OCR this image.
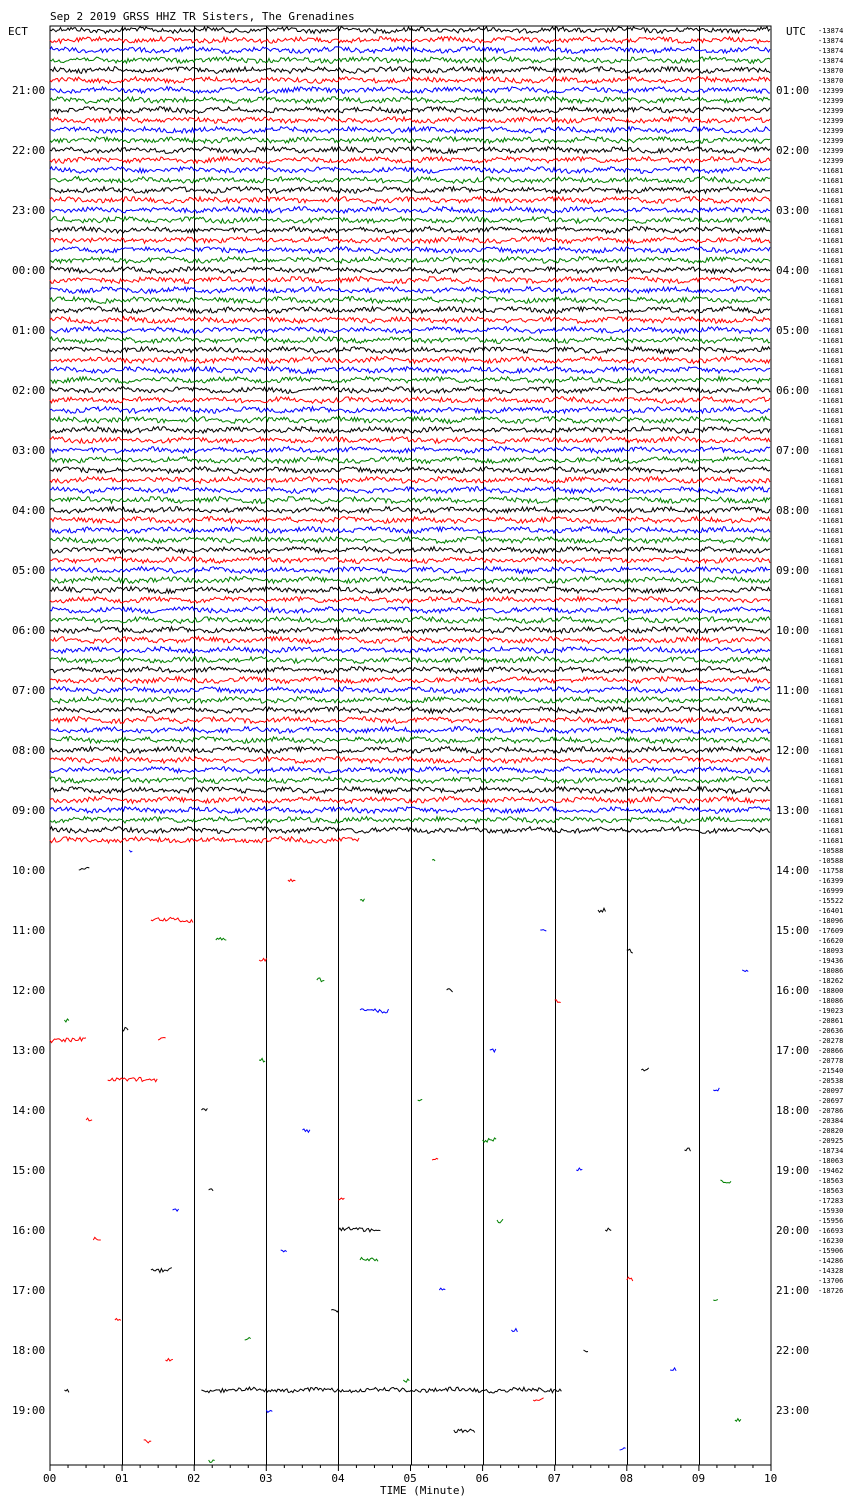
Sep 2 2019 GRSS HHZ TR Sisters, The Grenadines
ECT	UTC
TIME (Minute)
21:00
22:00
23:00
00:00
01:00
02:00
03:00
04:00
05:00
06:00
07:00
08:00
09:00
10:00
11:00
12:00
13:00
14:00
15:00
16:00
17:00
18:00
19:00
01:00
02:00
03:00
04:00
05:00
06:00
07:00
08:00
09:00
10:00
11:00
12:00
13:00
14:00
15:00
16:00
17:00
18:00
19:00
20:00
21:00
22:00
23:00
-13874
-13874
-13874
-13874
-13870
-13870
-12399
-12399
-12399
-12399
-12399
-12399
-12399
-12399
-11681
-11681
-11681
-11681
-11681
-11681
-11681
-11681
-11681
-11681
-11681
-11681
-11681
-11681
-11681
-11681
-11681
-11681
-11681
-11681
-11681
-11681
-11681
-11681
-11681
-11681
-11681
-11681
-11681
-11681
-11681
-11681
-11681
-11681
-11681
-11681
-11681
-11681
-11681
-11681
-11681
-11681
-11681
-11681
-11681
-11681
-11681
-11681
-11681
-11681
-11681
-11681
-11681
-11681
-11681
-11681
-11681
-11681
-11681
-11681
-11681
-11681
-11681
-11681
-11681
-11681
-11681
-11681
-10588
-10588
-11758
-16399
-16999
-15522
-16401
-18096
-17609
-16620
-18093
-19436
-18086
-18262
-18800
-18086
-19023
-20861
-20636
-20278
-20866
-20778
-21540
-20538
-20097
-20697
-20786
-20384
-20820
-20925
-18734
-18063
-19462
-18563
-18563
-17283
-15930
-15956
-16693
-16230
-15906
-14286
-14328
-13706
-18726
00	01	02	03	04	05	06	07	08	09	10
